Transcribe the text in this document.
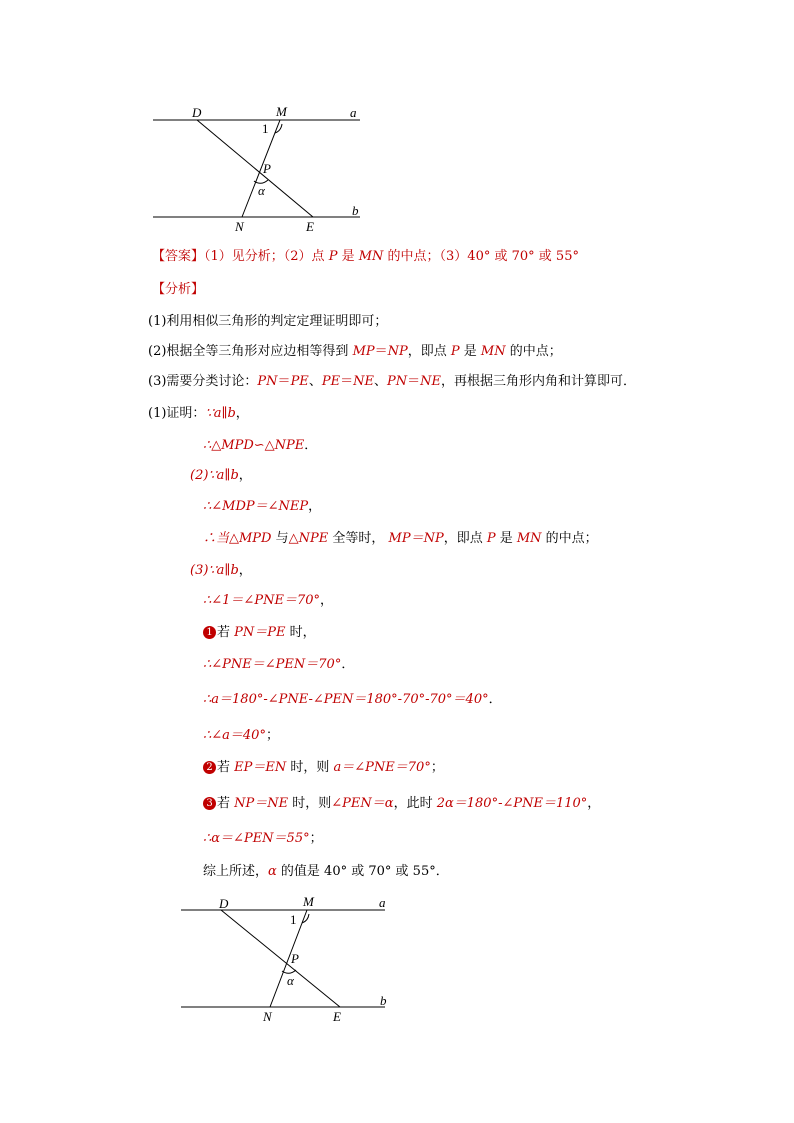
D	M	a
1
P
α
N	E
b
【答案】（1）见分析；（2）点 P 是 MN 的中点；（3）40° 或 70° 或 55°
【分析】
(1)利用相似三角形的判定定理证明即可；
(2)根据全等三角形对应边相等得到 MP＝NP，即点 P 是 MN 的中点；
(3)需要分类讨论：PN＝PE、PE＝NE、PN＝NE，再根据三角形内角和计算即可．
(1)证明：∵a∥b，
∴△MPD∽△NPE．
(2)∵a∥b，
∴∠MDP＝∠NEP，
∴当△MPD 与△NPE 全等时， MP＝NP，即点 P 是 MN 的中点；
(3)∵a∥b，
∴∠1＝∠PNE＝70°，
1 若 PN＝PE 时，
∴∠PNE＝∠PEN＝70°．
∴a＝180°-∠PNE-∠PEN＝180°-70°-70°＝40°．
∴∠a＝40°；
2 若 EP＝EN 时，则 a＝∠PNE＝70°；
3 若 NP＝NE 时，则∠PEN＝α，此时 2α＝180°-∠PNE＝110°，
∴α＝∠PEN＝55°；
综上所述，α 的值是 40° 或 70° 或 55°．
D	M	a
1
P
α
N	E
b
